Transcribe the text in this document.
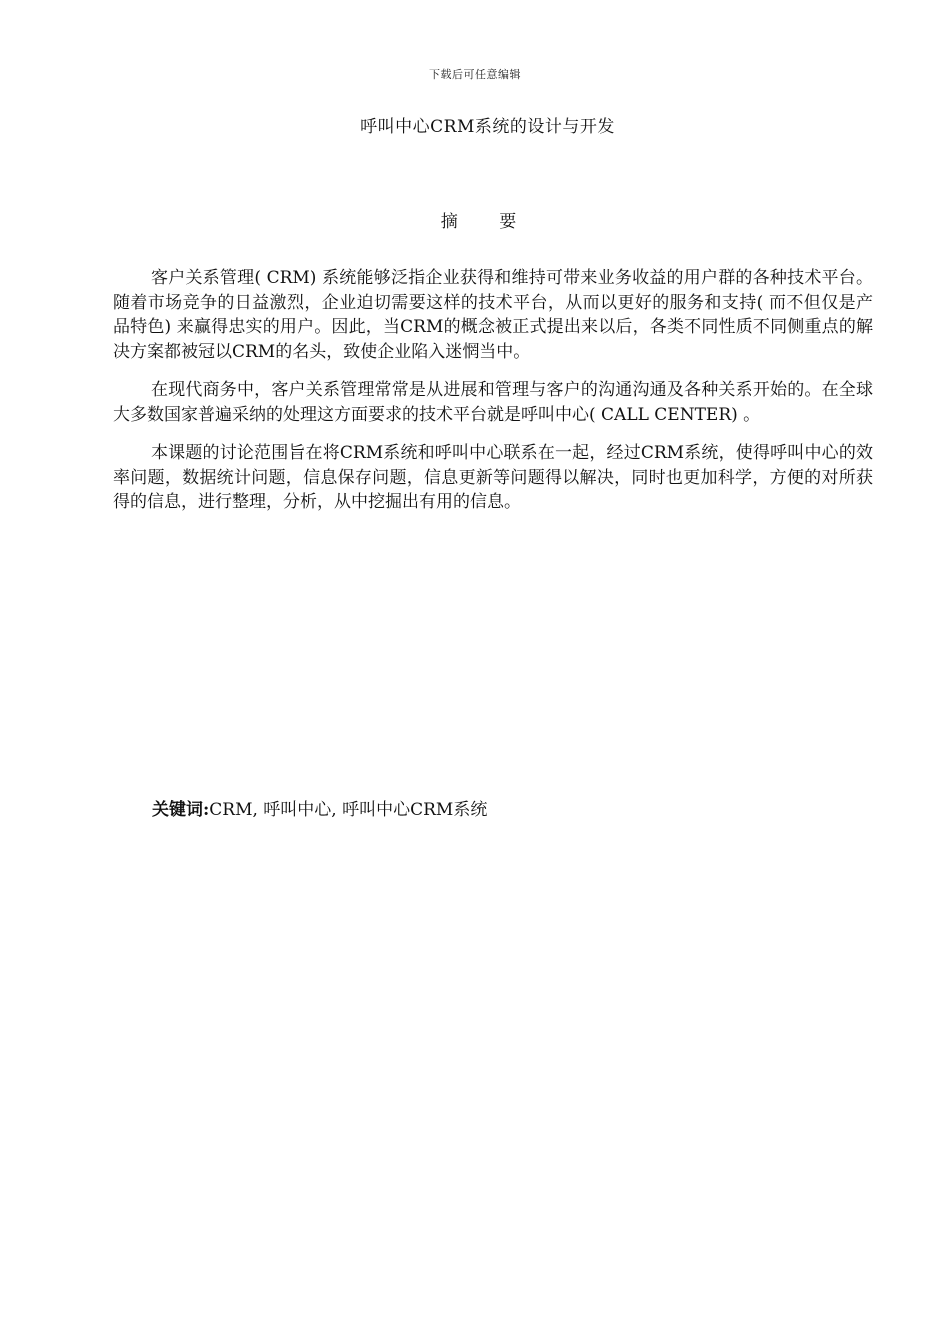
下载后可任意编辑
呼叫中心CRM系统的设计与开发
摘 要

客户关系管理( CRM) 系统能够泛指企业获得和维持可带来业务收益的用户群的各种技术平台。随着市场竞争的日益激烈，企业迫切需要这样的技术平台，从而以更好的服务和支持( 而不但仅是产品特色) 来赢得忠实的用户。因此，当CRM的概念被正式提出来以后，各类不同性质不同侧重点的解决方案都被冠以CRM的名头，致使企业陷入迷惘当中。

在现代商务中，客户关系管理常常是从进展和管理与客户的沟通沟通及各种关系开始的。在全球大多数国家普遍采纳的处理这方面要求的技术平台就是呼叫中心( CALL CENTER) 。

本课题的讨论范围旨在将CRM系统和呼叫中心联系在一起，经过CRM系统，使得呼叫中心的效率问题，数据统计问题，信息保存问题，信息更新等问题得以解决，同时也更加科学，方便的对所获得的信息，进行整理，分析，从中挖掘出有用的信息。

关键词:CRM, 呼叫中心, 呼叫中心CRM系统
